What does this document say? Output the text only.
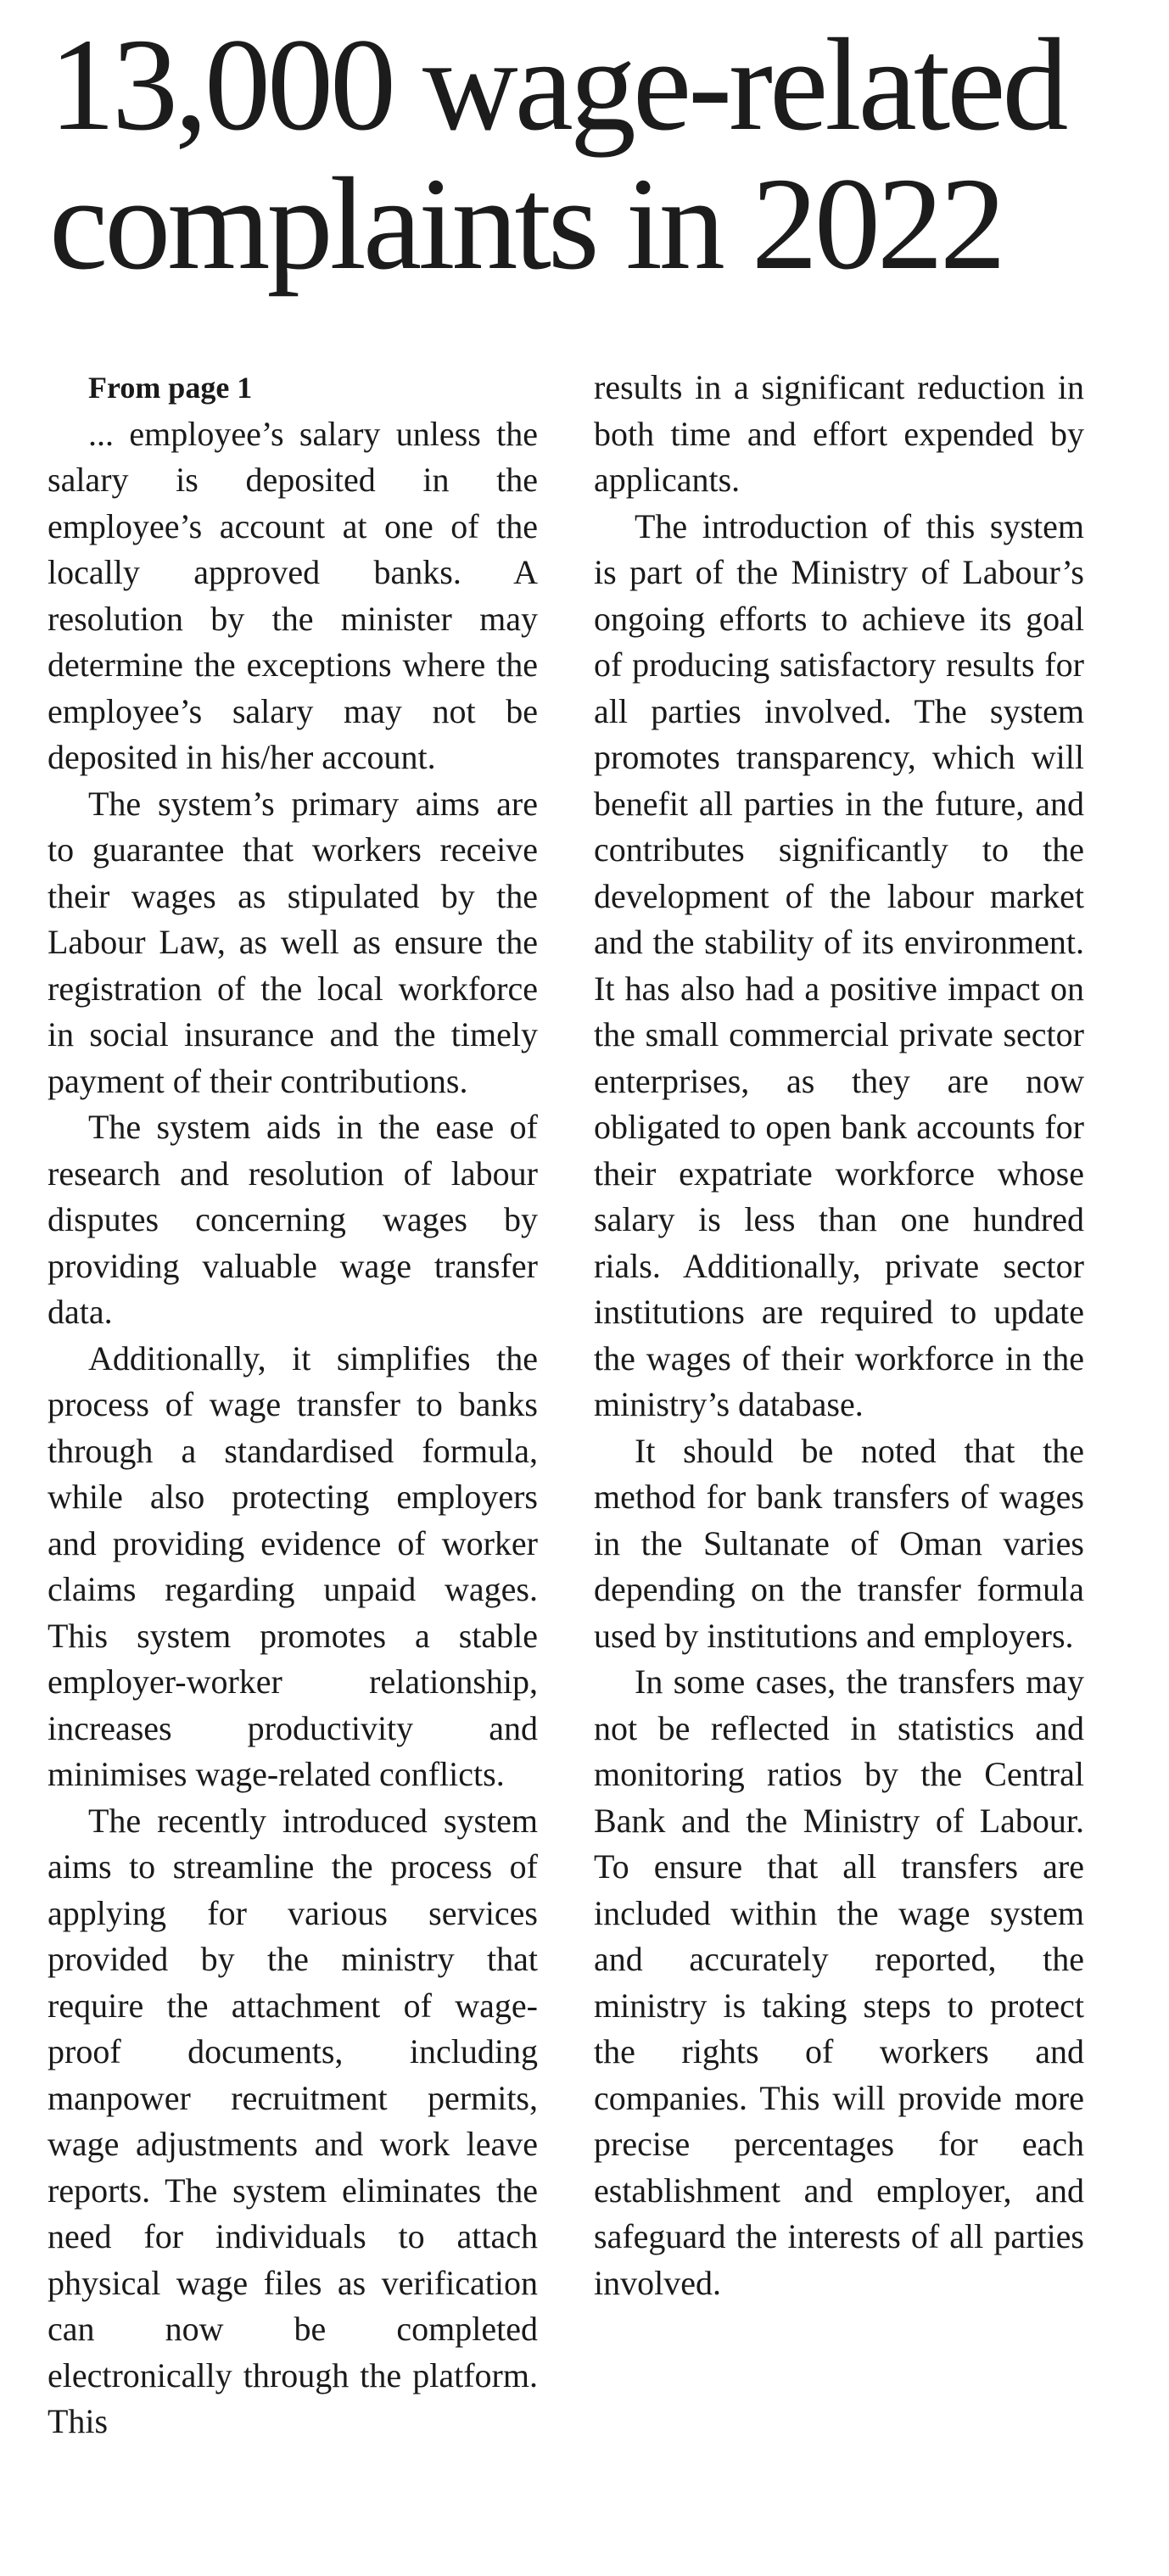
13,000 wage-related complaints in 2022

From page 1

... employee’s salary unless the salary is deposited in the employee’s account at one of the locally approved banks. A resolution by the minister may determine the exceptions where the employee’s salary may not be deposited in his/her account.

The system’s primary aims are to guarantee that workers receive their wages as stipulated by the Labour Law, as well as ensure the registration of the local workforce in social insurance and the timely payment of their contributions.

The system aids in the ease of research and resolution of labour disputes concerning wages by providing valuable wage transfer data.

Additionally, it simplifies the process of wage transfer to banks through a standardised formula, while also protecting employers and providing evidence of worker claims regarding unpaid wages. This system promotes a stable employer-worker relationship, increases productivity and minimises wage-related conflicts.

The recently introduced system aims to streamline the process of applying for various services provided by the ministry that require the attachment of wage-proof documents, including manpower recruitment permits, wage adjustments and work leave reports. The system eliminates the need for individuals to attach physical wage files as verification can now be completed electronically through the platform. This

results in a significant reduction in both time and effort expended by applicants.

The introduction of this system is part of the Ministry of Labour’s ongoing efforts to achieve its goal of producing satisfactory results for all parties involved. The system promotes transparency, which will benefit all parties in the future, and contributes significantly to the development of the labour market and the stability of its environment. It has also had a positive impact on the small commercial private sector enterprises, as they are now obligated to open bank accounts for their expatriate workforce whose salary is less than one hundred rials. Additionally, private sector institutions are required to update the wages of their workforce in the ministry’s database.

It should be noted that the method for bank transfers of wages in the Sultanate of Oman varies depending on the transfer formula used by institutions and employers.

In some cases, the transfers may not be reflected in statistics and monitoring ratios by the Central Bank and the Ministry of Labour. To ensure that all transfers are included within the wage system and accurately reported, the ministry is taking steps to protect the rights of workers and companies. This will provide more precise percentages for each establishment and employer, and safeguard the interests of all parties involved.
